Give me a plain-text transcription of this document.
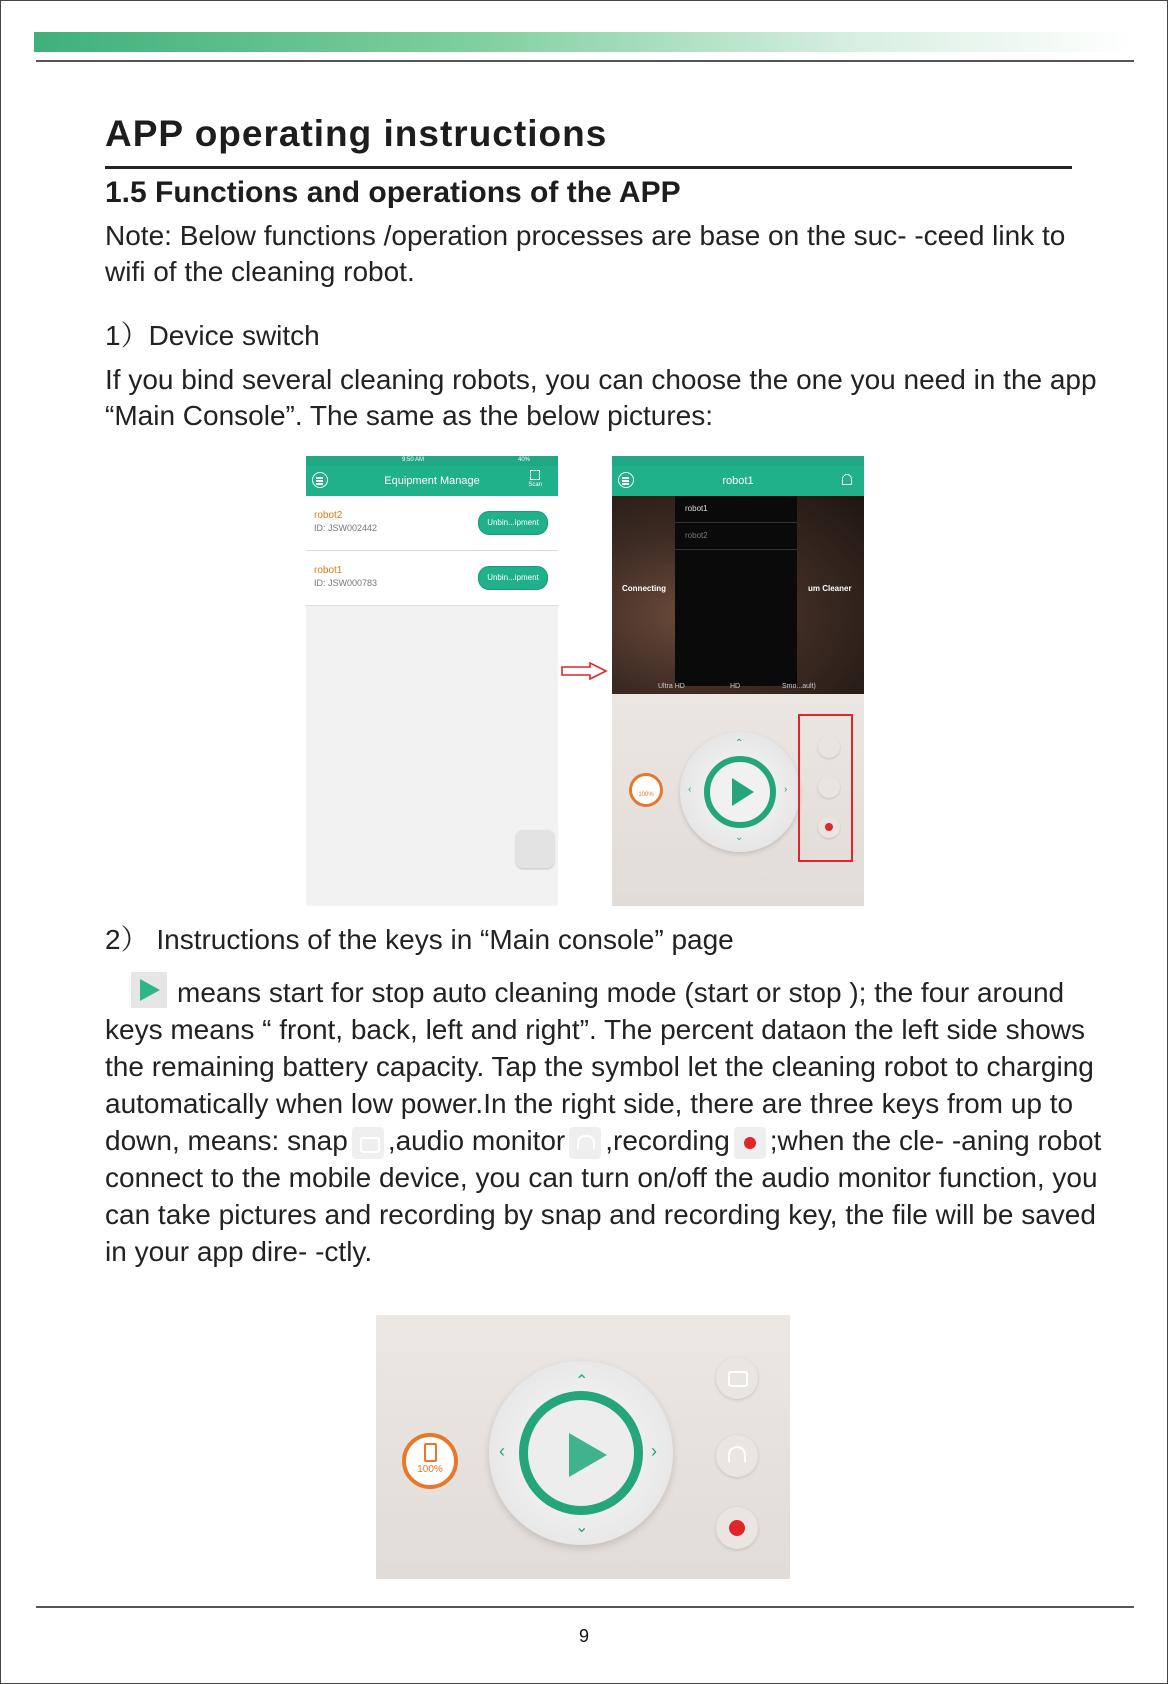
APP operating instructions
1.5 Functions and operations of the APP

Note: Below functions /operation processes are base on the suc- -ceed link to wifi of the cleaning robot.

1）Device switch

If you bind several cleaning robots, you can choose the one you need in the app “Main Console”. The same as the below pictures:

9:50 AM	40%
Equipment Manage	Scan
robot2
ID: JSW002442
Unbin...ipment
robot1
ID: JSW000783
Unbin...ipment
robot1
Connecting	um Cleaner
robot1
robot2
Ultra HD	HD	Smo...ault)
100%
⌃
⌄
‹	›

2） Instructions of the keys in “Main console” page

means start for stop auto cleaning mode (start or stop ); the four around keys means “ front, back, left and right”. The percent dataon the left side shows the remaining battery capacity. Tap the symbol let the cleaning robot to charging automatically when low power.In the right side, there are three keys from up to down, means: snap ,audio monitor ,recording ;when the cle- -aning robot connect to the mobile device, you can turn on/off the audio monitor function, you can take pictures and recording by snap and recording key, the file will be saved in your app dire- -ctly.

100%
⌃
⌄
‹	›
9
